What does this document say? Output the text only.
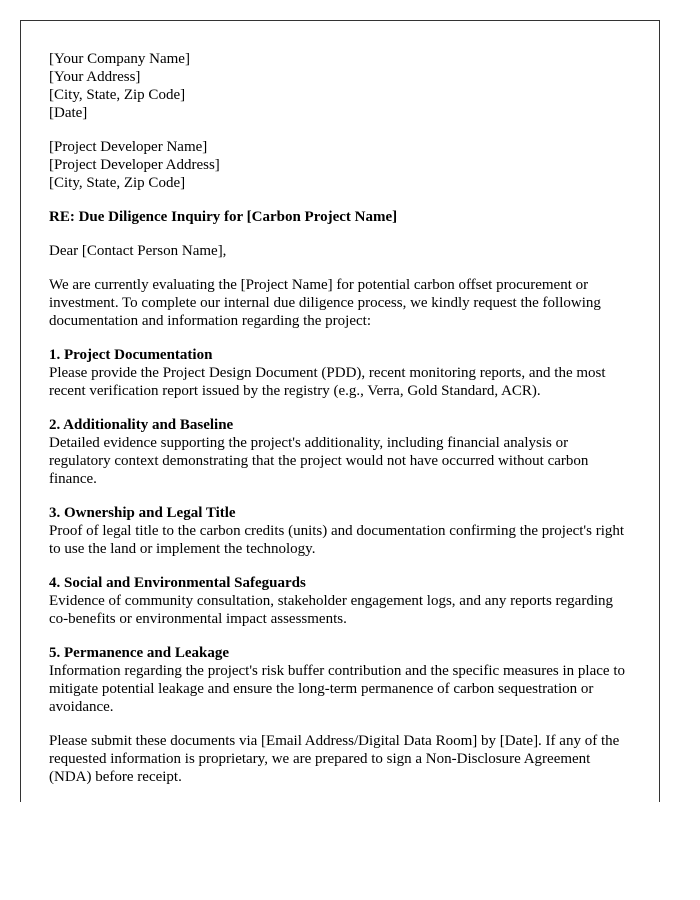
[Your Company Name]
[Your Address]
[City, State, Zip Code]
[Date]

[Project Developer Name]
[Project Developer Address]
[City, State, Zip Code]

RE: Due Diligence Inquiry for [Carbon Project Name]

Dear [Contact Person Name],

We are currently evaluating the [Project Name] for potential carbon offset procurement or investment. To complete our internal due diligence process, we kindly request the following documentation and information regarding the project:

1. Project Documentation
Please provide the Project Design Document (PDD), recent monitoring reports, and the most recent verification report issued by the registry (e.g., Verra, Gold Standard, ACR).

2. Additionality and Baseline
Detailed evidence supporting the project's additionality, including financial analysis or regulatory context demonstrating that the project would not have occurred without carbon finance.

3. Ownership and Legal Title
Proof of legal title to the carbon credits (units) and documentation confirming the project's right to use the land or implement the technology.

4. Social and Environmental Safeguards
Evidence of community consultation, stakeholder engagement logs, and any reports regarding co-benefits or environmental impact assessments.

5. Permanence and Leakage
Information regarding the project's risk buffer contribution and the specific measures in place to mitigate potential leakage and ensure the long-term permanence of carbon sequestration or avoidance.

Please submit these documents via [Email Address/Digital Data Room] by [Date]. If any of the requested information is proprietary, we are prepared to sign a Non-Disclosure Agreement (NDA) before receipt.
